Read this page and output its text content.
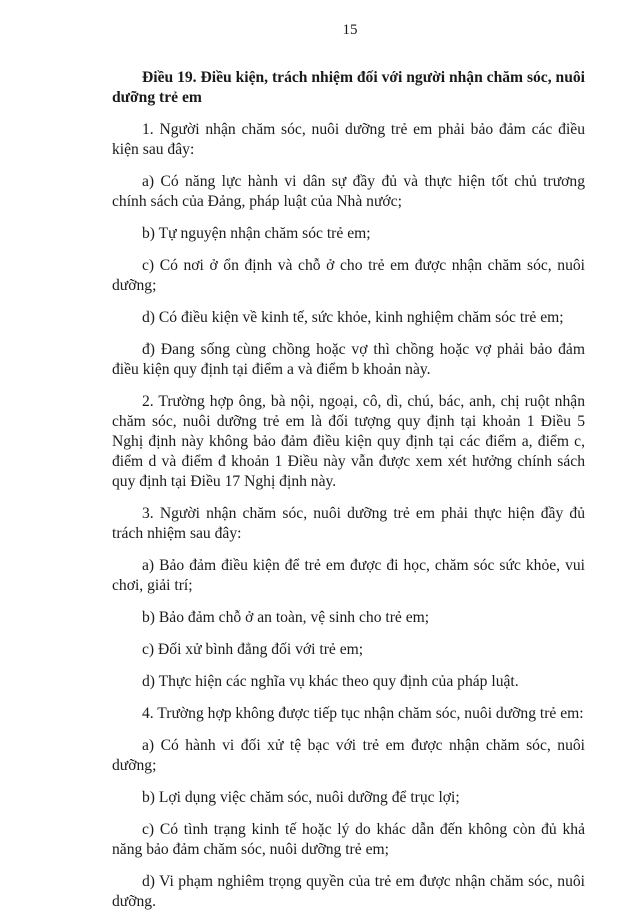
15

Điều 19. Điều kiện, trách nhiệm đối với người nhận chăm sóc, nuôi dưỡng trẻ em

1. Người nhận chăm sóc, nuôi dưỡng trẻ em phải bảo đảm các điều kiện sau đây:

a) Có năng lực hành vi dân sự đầy đủ và thực hiện tốt chủ trương chính sách của Đảng, pháp luật của Nhà nước;

b) Tự nguyện nhận chăm sóc trẻ em;

c) Có nơi ở ổn định và chỗ ở cho trẻ em được nhận chăm sóc, nuôi dưỡng;

d) Có điều kiện về kinh tế, sức khỏe, kinh nghiệm chăm sóc trẻ em;

đ) Đang sống cùng chồng hoặc vợ thì chồng hoặc vợ phải bảo đảm điều kiện quy định tại điểm a và điểm b khoản này.

2. Trường hợp ông, bà nội, ngoại, cô, dì, chú, bác, anh, chị ruột nhận chăm sóc, nuôi dưỡng trẻ em là đối tượng quy định tại khoản 1 Điều 5 Nghị định này không bảo đảm điều kiện quy định tại các điểm a, điểm c, điểm d và điểm đ khoản 1 Điều này vẫn được xem xét hưởng chính sách quy định tại Điều 17 Nghị định này.

3. Người nhận chăm sóc, nuôi dưỡng trẻ em phải thực hiện đầy đủ trách nhiệm sau đây:

a) Bảo đảm điều kiện để trẻ em được đi học, chăm sóc sức khỏe, vui chơi, giải trí;

b) Bảo đảm chỗ ở an toàn, vệ sinh cho trẻ em;

c) Đối xử bình đẳng đối với trẻ em;

d) Thực hiện các nghĩa vụ khác theo quy định của pháp luật.

4. Trường hợp không được tiếp tục nhận chăm sóc, nuôi dưỡng trẻ em:

a) Có hành vi đối xử tệ bạc với trẻ em được nhận chăm sóc, nuôi dưỡng;

b) Lợi dụng việc chăm sóc, nuôi dưỡng để trục lợi;

c) Có tình trạng kinh tế hoặc lý do khác dẫn đến không còn đủ khả năng bảo đảm chăm sóc, nuôi dưỡng trẻ em;

d) Vi phạm nghiêm trọng quyền của trẻ em được nhận chăm sóc, nuôi dưỡng.
